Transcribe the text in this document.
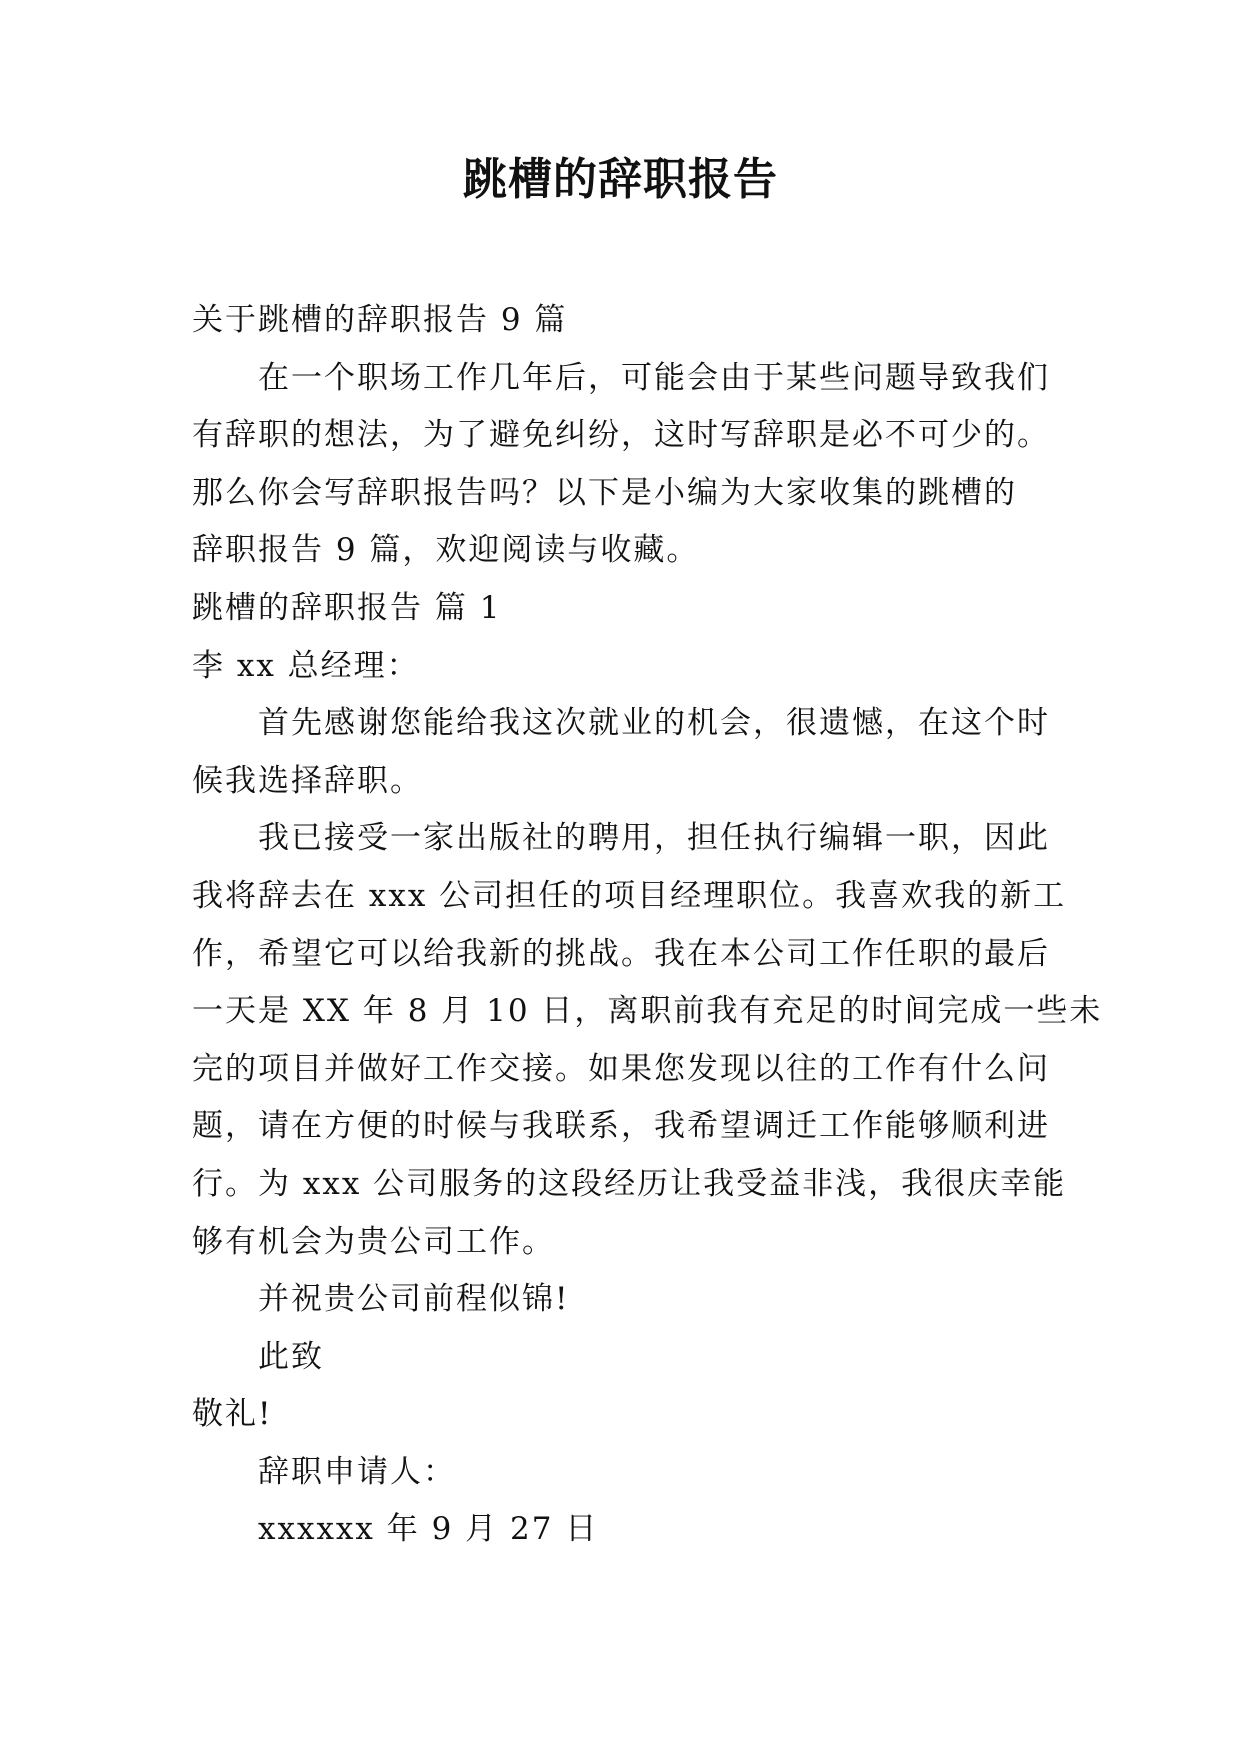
跳槽的辞职报告

关于跳槽的辞职报告 9 篇

在一个职场工作几年后，可能会由于某些问题导致我们

有辞职的想法，为了避免纠纷，这时写辞职是必不可少的。

那么你会写辞职报告吗？以下是小编为大家收集的跳槽的

辞职报告 9 篇，欢迎阅读与收藏。

跳槽的辞职报告 篇 1

李 xx 总经理：

首先感谢您能给我这次就业的机会，很遗憾，在这个时

候我选择辞职。

我已接受一家出版社的聘用，担任执行编辑一职，因此

我将辞去在 xxx 公司担任的项目经理职位。我喜欢我的新工

作，希望它可以给我新的挑战。我在本公司工作任职的最后

一天是 XX 年 8 月 10 日，离职前我有充足的时间完成一些未

完的项目并做好工作交接。如果您发现以往的工作有什么问

题，请在方便的时候与我联系，我希望调迁工作能够顺利进

行。为 xxx 公司服务的这段经历让我受益非浅，我很庆幸能

够有机会为贵公司工作。

并祝贵公司前程似锦!

此致

敬礼!

辞职申请人：

xxxxxx 年 9 月 27 日
